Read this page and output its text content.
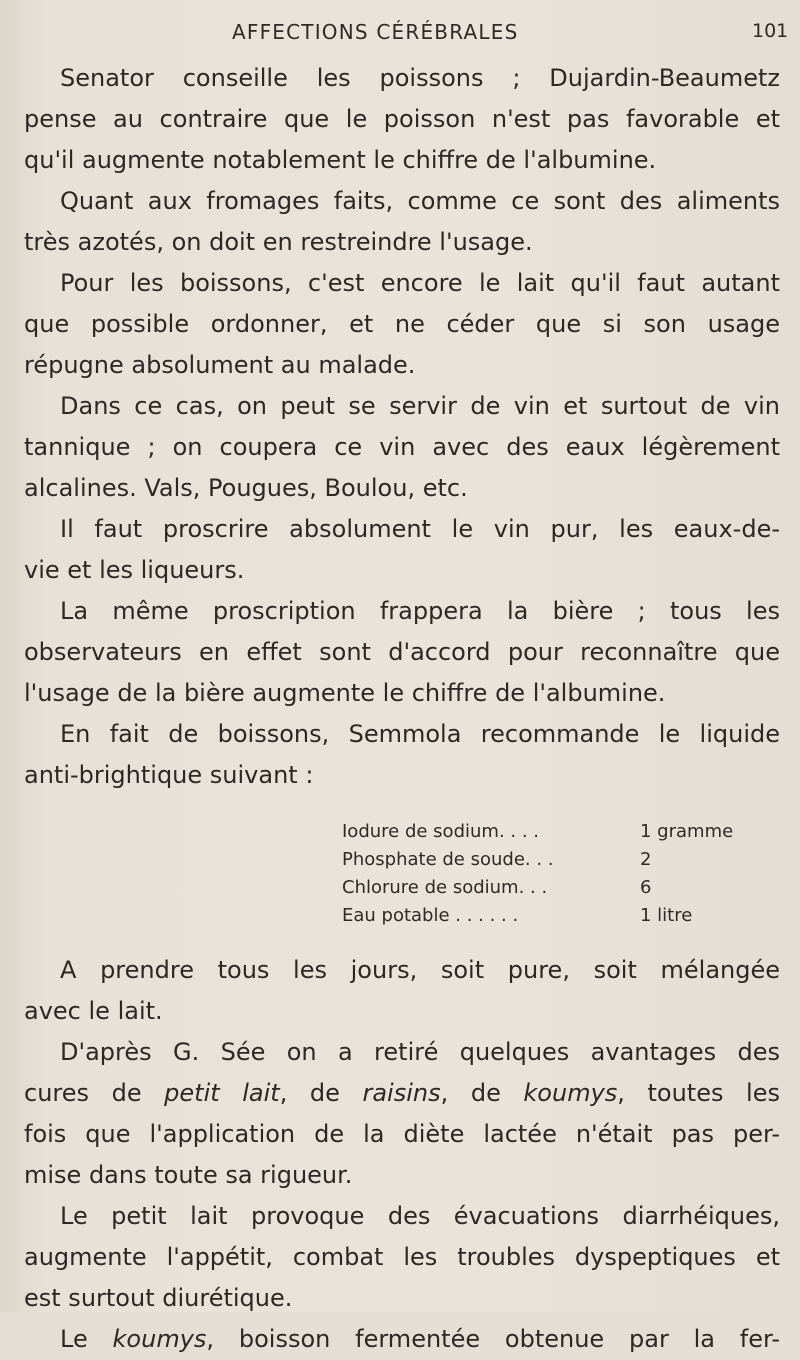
AFFECTIONS CÉRÉBRALES	101
Senator conseille les poissons ; Dujardin-Beaumetz
pense au contraire que le poisson n'est pas favorable et
qu'il augmente notablement le chiffre de l'albumine.
Quant aux fromages faits, comme ce sont des aliments
très azotés, on doit en restreindre l'usage.
Pour les boissons, c'est encore le lait qu'il faut autant
que possible ordonner, et ne céder que si son usage
répugne absolument au malade.
Dans ce cas, on peut se servir de vin et surtout de vin
tannique ; on coupera ce vin avec des eaux légèrement
alcalines. Vals, Pougues, Boulou, etc.
Il faut proscrire absolument le vin pur, les eaux-de-
vie et les liqueurs.
La même proscription frappera la bière ; tous les
observateurs en effet sont d'accord pour reconnaître que
l'usage de la bière augmente le chiffre de l'albumine.
En fait de boissons, Semmola recommande le liquide
anti-brightique suivant :
Iodure de sodium. . . .	1 gramme
Phosphate de soude. . .	2
Chlorure de sodium. . .	6
Eau potable . . . . . .	1 litre
A prendre tous les jours, soit pure, soit mélangée
avec le lait.
D'après G. Sée on a retiré quelques avantages des
cures de petit lait, de raisins, de koumys, toutes les
fois que l'application de la diète lactée n'était pas per-
mise dans toute sa rigueur.
Le petit lait provoque des évacuations diarrhéiques,
augmente l'appétit, combat les troubles dyspeptiques et
est surtout diurétique.
Le koumys, boisson fermentée obtenue par la fer-
